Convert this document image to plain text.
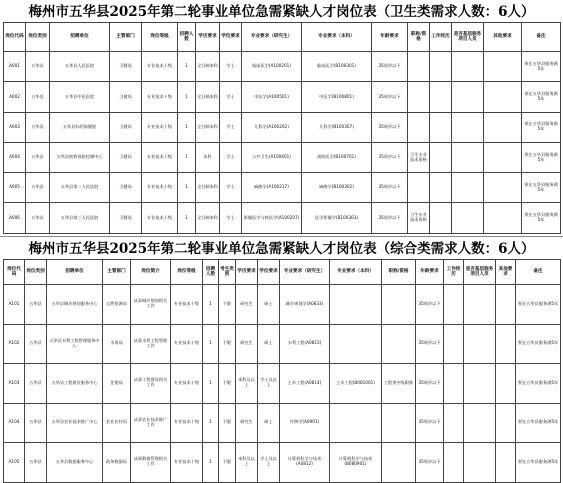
梅州市五华县2025年第二轮事业单位急需紧缺人才岗位表（卫生类需求人数：6人）
岗位代码	岗位类别	招聘单位	主管部门	岗位等级	招聘人数	学历要求	学位要求	专业要求（研究生）	专业要求（本科）	年龄要求	职称/资格	工作经历	是否基层服务项目人员	其他要求	备注
A001	五华县	五华县人民医院	卫健局	专业技术十级	1	全日制本科	学士	临床医学(A100201)	临床医学(B100301)	35周岁以下					须在五华县服务满5年
A002	五华县	五华县中医医院	卫健局	专业技术十级	1	全日制本科	学士	中医学(A100501)	中医学(B100801)	35周岁以下					须在五华县服务满5年
A003	五华县	五华县妇幼保健院	卫健局	专业技术十级	1	全日制本科	学士	儿科学(A100202)	儿科学(B100307)	35周岁以下					须在五华县服务满5年
A004	五华县	五华县疾病预防控制中心	卫健局	专业技术十级	1	本科	学士	公共卫生(A100401)	预防医学(B100701)	35周岁以下	卫生专业技术资格				须在五华县服务满5年
A005	五华县	五华县第二人民医院	卫健局	专业技术十级	1	全日制本科	学士	麻醉学(A100217)	麻醉学(B100302)	35周岁以下					须在五华县服务满5年
A006	五华县	五华县第三人民医院	卫健局	专业技术十级	1	全日制本科	学士	影像医学与核医学(A100207)	医学影像学(B100303)	35周岁以下	卫生专业技术资格				须在五华县服务满5年
梅州市五华县2025年第二轮事业单位急需紧缺人才岗位表（综合类需求人数：6人）
岗位代码	岗位类别	招聘单位	主管部门	岗位简介	岗位等级	招聘人数	考生类别	学历要求	学位要求	专业要求（研究生）	专业要求（本科）	职称/资格	年龄要求	工作经历	是否基层服务项目人员	其他要求	备注
A101	五华县	五华县城乡规划服务中心	自然资源局	从事城乡规划相关工作	专业技术十级	1	不限	研究生	硕士	城乡规划学(A0833)			35周岁以下				须在五华县服务满5年
A102	五华县	五华县水利工程管理服务中心	水务局	从事水利工程管理工作	专业技术十级	1	不限	研究生	硕士	水利工程(A0815)			35周岁以下				须在五华县服务满5年
A103	五华县	五华县工程建设服务中心	住建局	从事工程建设相关工作	专业技术十级	1	不限	本科及以上	学士及以上	土木工程(A0814)	土木工程(B081001)	工程类中级职称	35周岁以下				须在五华县服务满5年
A104	五华县	五华县农业技术推广中心	农业农村局	从事农业技术推广工作	专业技术十级	1	不限	研究生	硕士	作物学(A0901)			35周岁以下				须在五华县服务满5年
A105	五华县	五华县数据服务中心	政务数据局	从事数据管理相关工作	专业技术十级	1	不限	本科及以上	学士及以上	计算机科学与技术(A0812)	计算机科学与技术(B080901)		35周岁以下				须在五华县服务满5年
